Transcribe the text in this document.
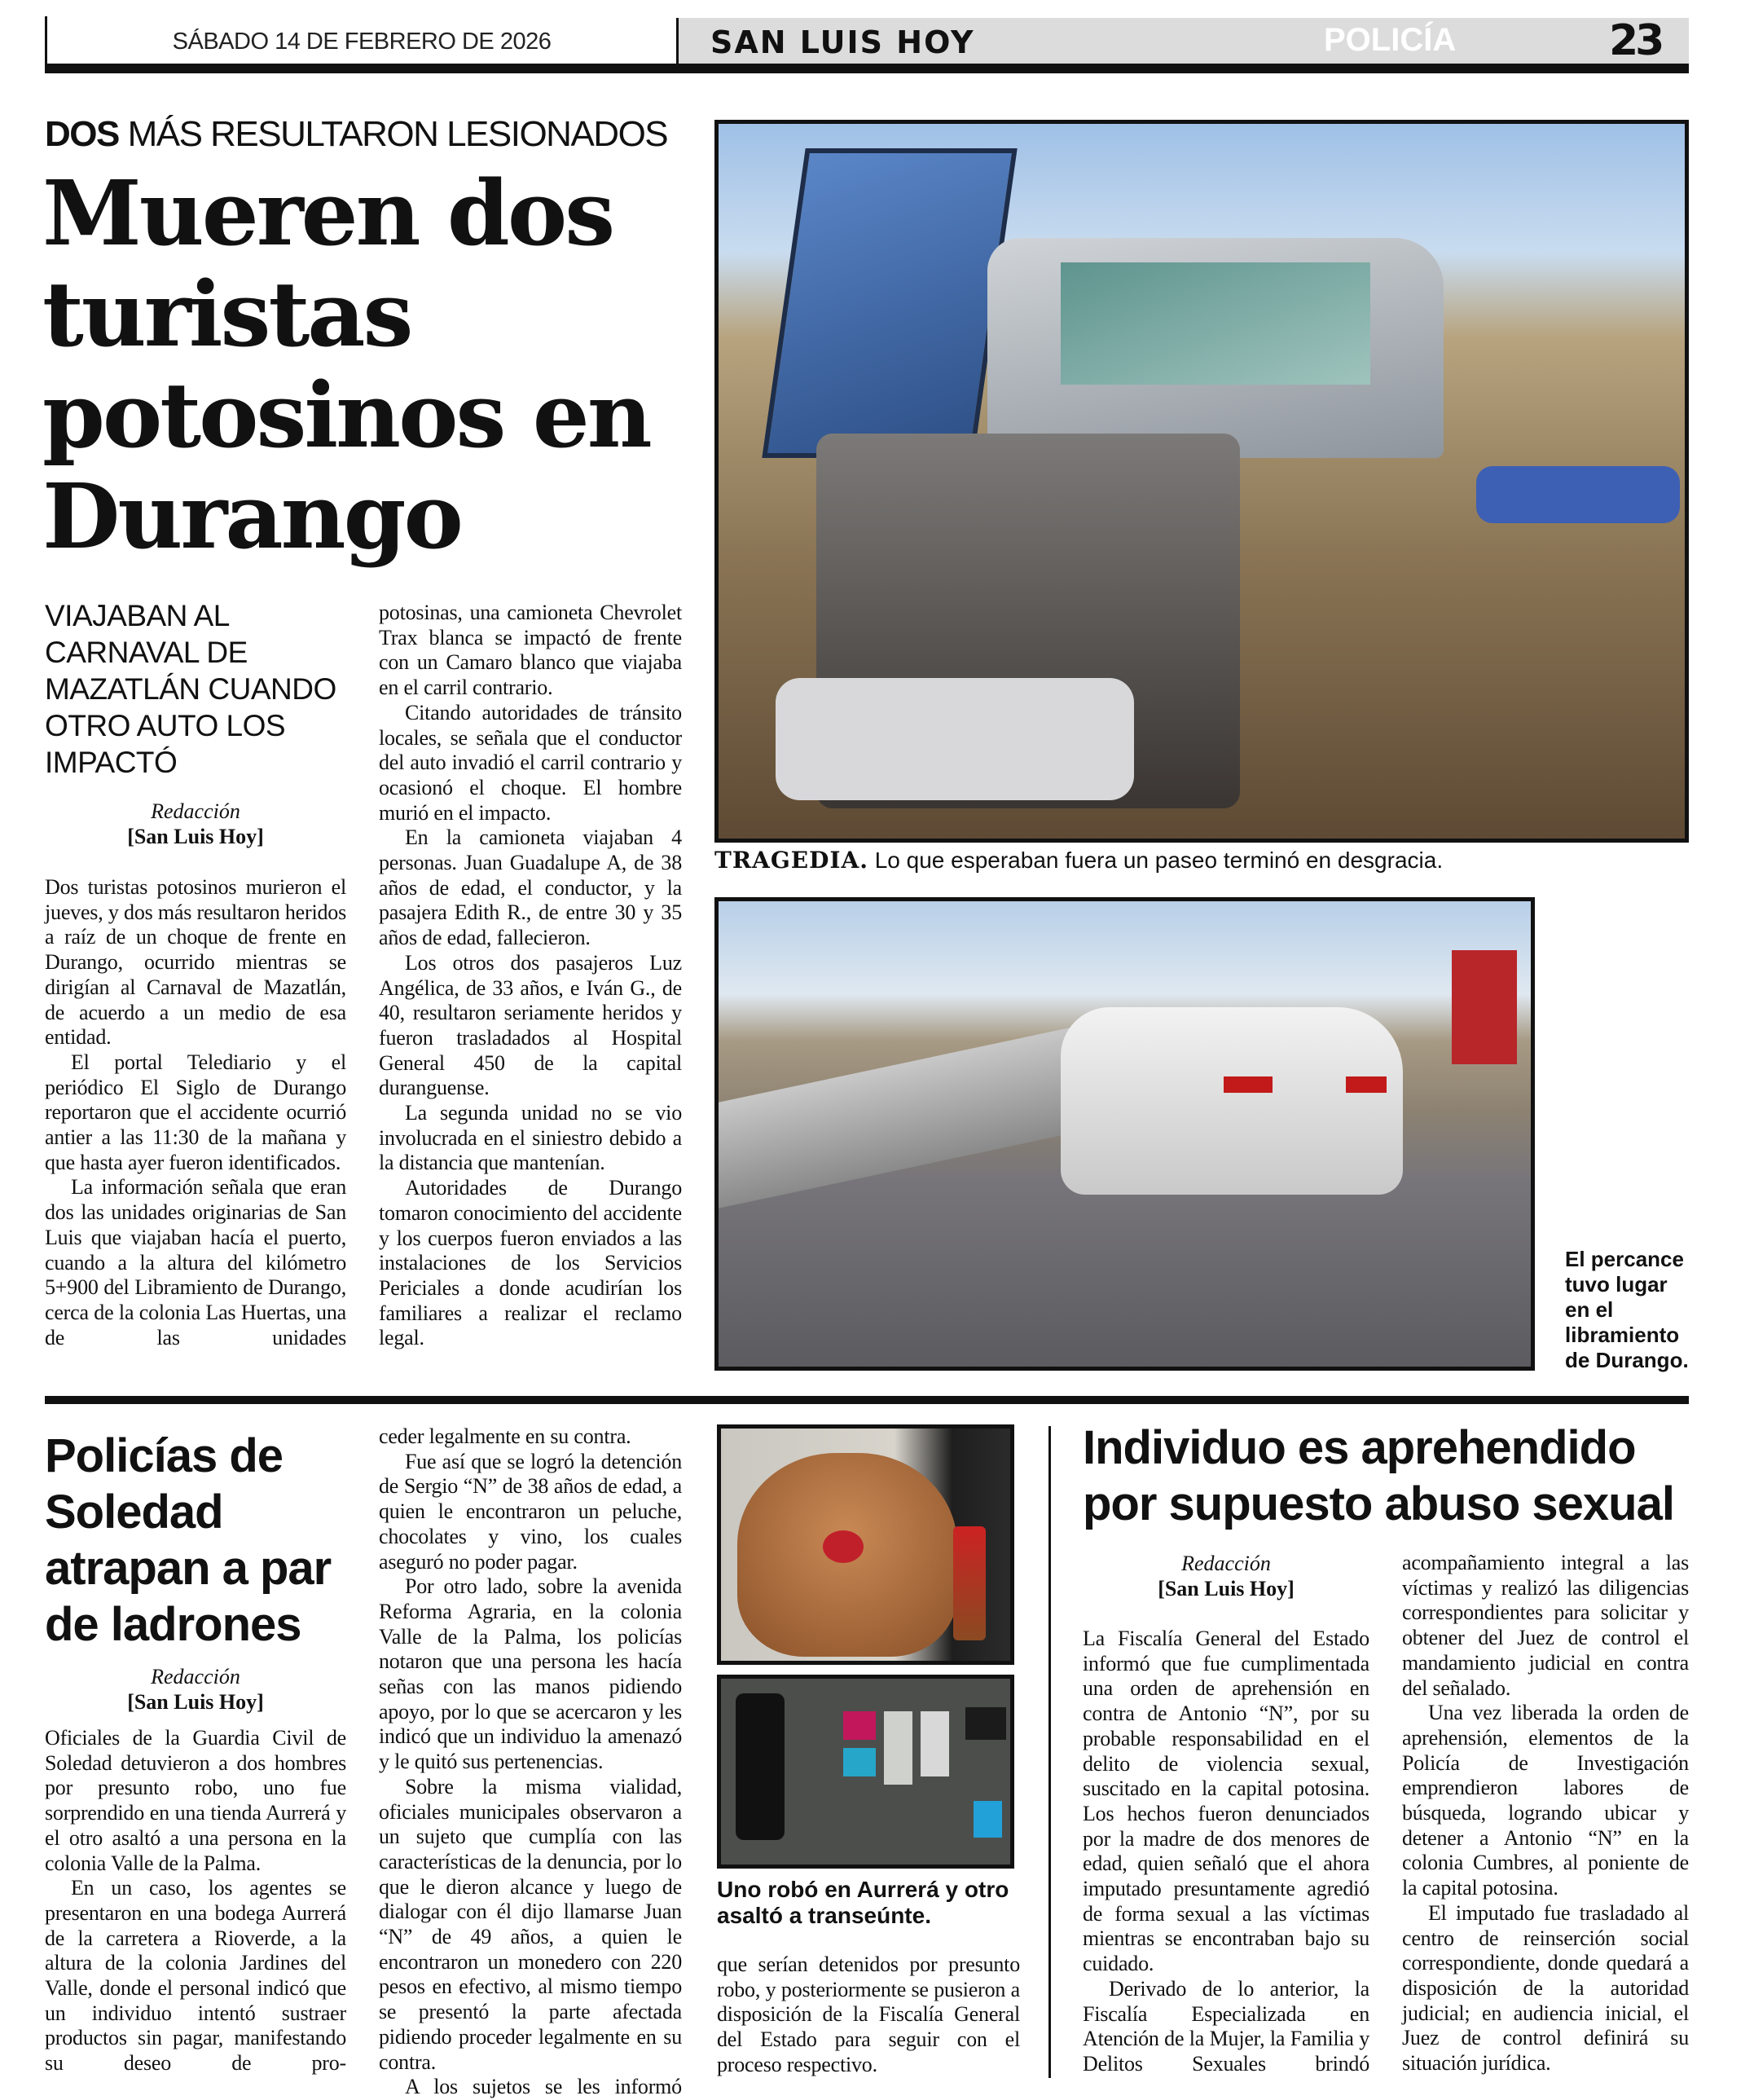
SÁBADO 14 DE FEBRERO DE 2026	SAN LUIS HOY	POLICÍA	23
DOS MÁS RESULTARON LESIONADOS
Mueren dos turistas potosinos en Durango
VIAJABAN AL CARNAVAL DE MAZATLÁN CUANDO OTRO AUTO LOS IMPACTÓ
Redacción
[San Luis Hoy]

Dos turistas potosinos murieron el jueves, y dos más resultaron heridos a raíz de un choque de frente en Durango, ocurrido mientras se dirigían al Carnaval de Mazatlán, de acuerdo a un medio de esa entidad.

El portal Telediario y el periódico El Siglo de Durango reportaron que el accidente ocurrió antier a las 11:30 de la mañana y que hasta ayer fueron identificados.

La información señala que eran dos las unidades originarias de San Luis que viajaban hacía el puerto, cuando a la altura del kilómetro 5+900 del Libramiento de Durango, cerca de la colonia Las Huertas, una de las unidades

potosinas, una camioneta Chevrolet Trax blanca se impactó de frente con un Camaro blanco que viajaba en el carril contrario.

Citando autoridades de tránsito locales, se señala que el conductor del auto invadió el carril contrario y ocasionó el choque. El hombre murió en el impacto.

En la camioneta viajaban 4 personas. Juan Guadalupe A, de 38 años de edad, el conductor, y la pasajera Edith R., de entre 30 y 35 años de edad, fallecieron.

Los otros dos pasajeros Luz Angélica, de 33 años, e Iván G., de 40, resultaron seriamente heridos y fueron trasladados al Hospital General 450 de la capital duranguense.

La segunda unidad no se vio involucrada en el siniestro debido a la distancia que mantenían.

Autoridades de Durango tomaron conocimiento del accidente y los cuerpos fueron enviados a las instalaciones de los Servicios Periciales a donde acudirían los familiares a realizar el reclamo legal.

TRAGEDIA. Lo que esperaban fuera un paseo terminó en desgracia.
El percance tuvo lugar en el libramiento de Durango.
Policías de Soledad atrapan a par de ladrones
Redacción
[San Luis Hoy]

Oficiales de la Guardia Civil de Soledad detuvieron a dos hombres por presunto robo, uno fue sorprendido en una tienda Aurrerá y el otro asaltó a una persona en la colonia Valle de la Palma.

En un caso, los agentes se presentaron en una bodega Aurrerá de la carretera a Rioverde, a la altura de la colonia Jardines del Valle, donde el personal indicó que un individuo intentó sustraer productos sin pagar, manifestando su deseo de pro-

ceder legalmente en su contra.

Fue así que se logró la detención de Sergio “N” de 38 años de edad, a quien le encontraron un peluche, chocolates y vino, los cuales aseguró no poder pagar.

Por otro lado, sobre la avenida Reforma Agraria, en la colonia Valle de la Palma, los policías notaron que una persona les hacía señas con las manos pidiendo apoyo, por lo que se acercaron y les indicó que un individuo la amenazó y le quitó sus pertenencias.

Sobre la misma vialidad, oficiales municipales observaron a un sujeto que cumplía con las características de la denuncia, por lo que le dieron alcance y luego de dialogar con él dijo llamarse Juan “N” de 49 años, a quien le encontraron un monedero con 220 pesos en efectivo, al mismo tiempo se presentó la parte afectada pidiendo proceder legalmente en su contra.

A los sujetos se les informó

Uno robó en Aurrerá y otro asaltó a transeúnte.

que serían detenidos por presunto robo, y posteriormente se pusieron a disposición de la Fiscalía General del Estado para seguir con el proceso respectivo.

Individuo es aprehendido por supuesto abuso sexual
Redacción
[San Luis Hoy]

La Fiscalía General del Estado informó que fue cumplimentada una orden de aprehensión en contra de Antonio “N”, por su probable responsabilidad en el delito de violencia sexual, suscitado en la capital potosina. Los hechos fueron denunciados por la madre de dos menores de edad, quien señaló que el ahora imputado presuntamente agredió de forma sexual a las víctimas mientras se encontraban bajo su cuidado.

Derivado de lo anterior, la Fiscalía Especializada en Atención de la Mujer, la Familia y Delitos Sexuales brindó

acompañamiento integral a las víctimas y realizó las diligencias correspondientes para solicitar y obtener del Juez de control el mandamiento judicial en contra del señalado.

Una vez liberada la orden de aprehensión, elementos de la Policía de Investigación emprendieron labores de búsqueda, logrando ubicar y detener a Antonio “N” en la colonia Cumbres, al poniente de la capital potosina.

El imputado fue trasladado al centro de reinserción social correspondiente, donde quedará a disposición de la autoridad judicial; en audiencia inicial, el Juez de control definirá su situación jurídica.
